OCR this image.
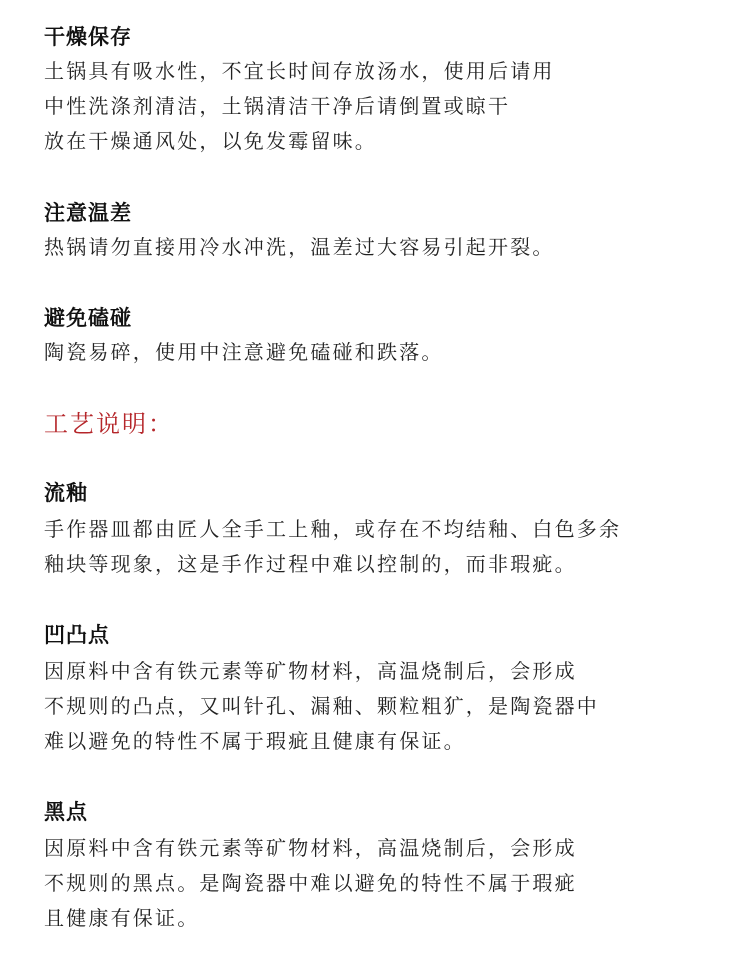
干燥保存

土锅具有吸水性，不宜长时间存放汤水，使用后请用
中性洗涤剂清洁，土锅清洁干净后请倒置或晾干
放在干燥通风处，以免发霉留味。

注意温差

热锅请勿直接用冷水冲洗，温差过大容易引起开裂。

避免磕碰

陶瓷易碎，使用中注意避免磕碰和跌落。

工艺说明：
流釉

手作器皿都由匠人全手工上釉，或存在不均结釉、白色多余
釉块等现象，这是手作过程中难以控制的，而非瑕疵。

凹凸点

因原料中含有铁元素等矿物材料，高温烧制后，会形成
不规则的凸点，又叫针孔、漏釉、颗粒粗犷，是陶瓷器中
难以避免的特性不属于瑕疵且健康有保证。

黑点

因原料中含有铁元素等矿物材料，高温烧制后，会形成
不规则的黑点。是陶瓷器中难以避免的特性不属于瑕疵
且健康有保证。
